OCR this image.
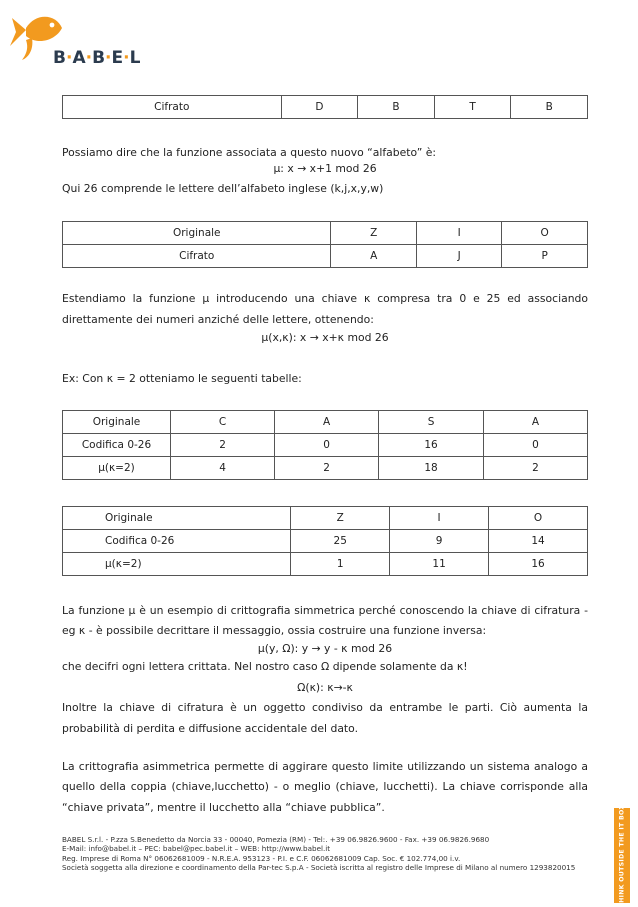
B·A·B·E·L
Cifrato	D	B	T	B

Possiamo dire che la funzione associata a questo nuovo “alfabeto” è:

μ: x → x+1 mod 26

Qui 26 comprende le lettere dell’alfabeto inglese (k,j,x,y,w)

Originale	Z	I	O
Cifrato	A	J	P

Estendiamo la funzione μ introducendo una chiave κ compresa tra 0 e 25 ed associando

direttamente dei numeri anziché delle lettere, ottenendo:

μ(x,κ): x → x+κ mod 26

Ex: Con κ = 2 otteniamo le seguenti tabelle:

Originale	C	A	S	A
Codifica 0-26	2	0	16	0
μ(κ=2)	4	2	18	2
Originale	Z	I	O
Codifica 0-26	25	9	14
μ(κ=2)	1	11	16

La funzione μ è un esempio di crittografia simmetrica perché conoscendo la chiave di cifratura -

eg κ - è possibile decrittare il messaggio, ossia costruire una funzione inversa:

μ(y, Ω): y → y - κ mod 26

che decifri ogni lettera crittata. Nel nostro caso Ω dipende solamente da κ!

Ω(κ): κ→-κ

Inoltre la chiave di cifratura è un oggetto condiviso da entrambe le parti. Ciò aumenta la

probabilità di perdita e diffusione accidentale del dato.

La crittografia asimmetrica permette di aggirare questo limite utilizzando un sistema analogo a

quello della coppia (chiave,lucchetto) - o meglio (chiave, lucchetti). La chiave corrisponde alla

“chiave privata”, mentre il lucchetto alla “chiave pubblica”.

BABEL S.r.l. - P.zza S.Benedetto da Norcia 33 - 00040, Pomezia (RM) - Tel:. +39 06.9826.9600 - Fax. +39 06.9826.9680
E-Mail: info@babel.it – PEC: babel@pec.babel.it – WEB: http://www.babel.it
Reg. Imprese di Roma N° 06062681009 - N.R.E.A. 953123 - P.I. e C.F. 06062681009 Cap. Soc. € 102.774,00 i.v.
Società soggetta alla direzione e coordinamento della Par-tec S.p.A - Società iscritta al registro delle Imprese di Milano al numero 1293820015	THINK OUTSIDE THE IT BOX
